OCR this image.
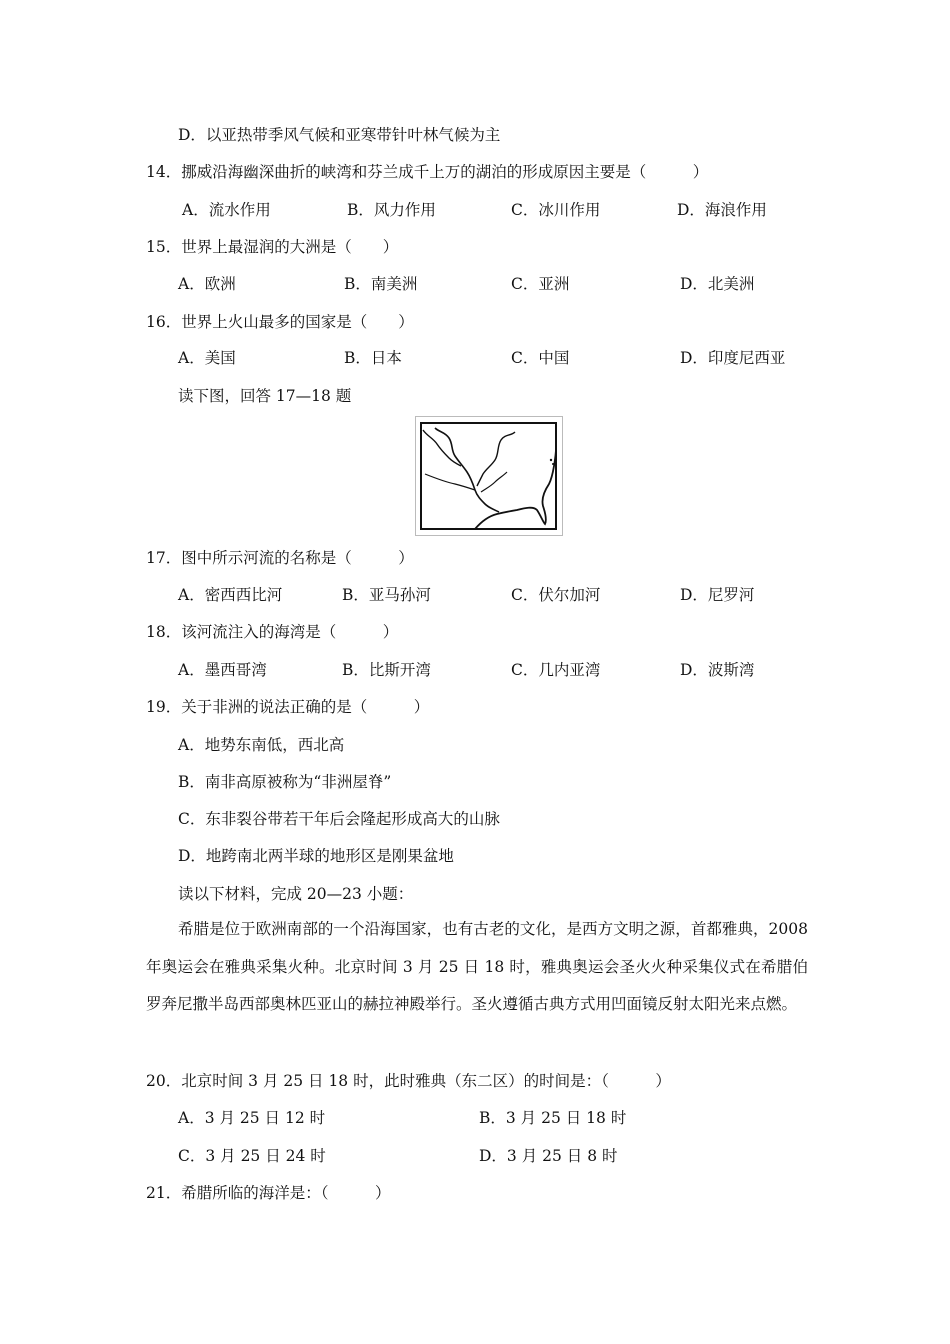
D．以亚热带季风气候和亚寒带针叶林气候为主
14．挪威沿海幽深曲折的峡湾和芬兰成千上万的湖泊的形成原因主要是（　　　）
A．流水作用	B．风力作用	C．冰川作用	D．海浪作用
15．世界上最湿润的大洲是（　　）
A．欧洲	B．南美洲	C．亚洲	D．北美洲
16．世界上火山最多的国家是（　　）
A．美国	B．日本	C．中国	D．印度尼西亚
读下图，回答 17—18 题
17．图中所示河流的名称是（　　　）
A．密西西比河	B．亚马孙河	C．伏尔加河	D．尼罗河
18．该河流注入的海湾是（　　　）
A．墨西哥湾	B．比斯开湾	C．几内亚湾	D．波斯湾
19．关于非洲的说法正确的是（　　　）
A．地势东南低，西北高
B．南非高原被称为“非洲屋脊”
C．东非裂谷带若干年后会隆起形成高大的山脉
D．地跨南北两半球的地形区是刚果盆地
读以下材料，完成 20—23 小题：
希腊是位于欧洲南部的一个沿海国家，也有古老的文化，是西方文明之源，首都雅典，2008 年奥运会在雅典采集火种。北京时间 3 月 25 日 18 时，雅典奥运会圣火火种采集仪式在希腊伯罗奔尼撒半岛西部奥林匹亚山的赫拉神殿举行。圣火遵循古典方式用凹面镜反射太阳光来点燃。
20．北京时间 3 月 25 日 18 时，此时雅典（东二区）的时间是：（　　　）
A．3 月 25 日 12 时	B．3 月 25 日 18 时
C．3 月 25 日 24 时	D．3 月 25 日 8 时
21．希腊所临的海洋是：（　　　）
